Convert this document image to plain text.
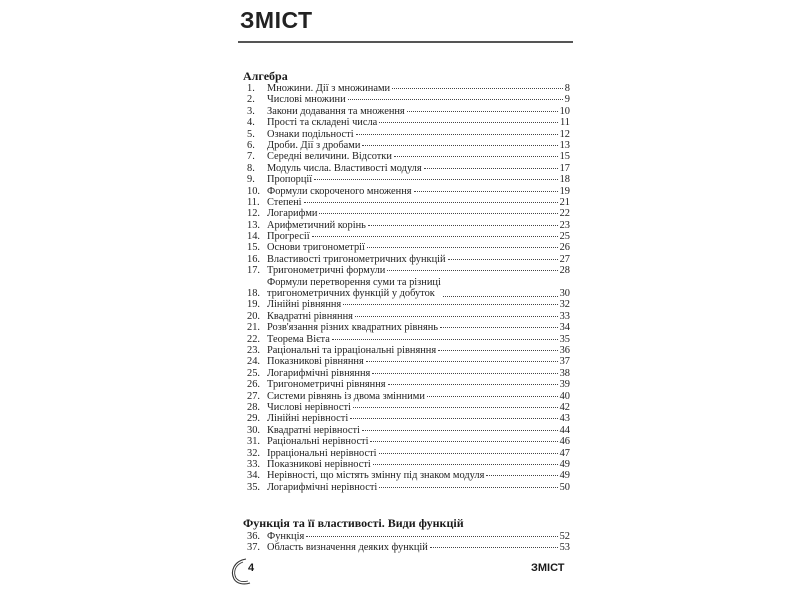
ЗМІСТ
Алгебра
1.	Множини. Дії з множинами	8
2.	Числові множини	9
3.	Закони додавання та множення	10
4.	Прості та складені числа	11
5.	Ознаки подільності	12
6.	Дроби. Дії з дробами	13
7.	Середні величини. Відсотки	15
8.	Модуль числа. Властивості модуля	17
9.	Пропорції	18
10. Формули скороченого множення	19
11. Степені	21
12. Логарифми	22
13. Арифметичний корінь	23
14. Прогресії	25
15. Основи тригонометрії	26
16. Властивості тригонометричних функцій	27
17. Тригонометричні формули	28
18.
Формули перетворення суми та різниці
тригонометричних функцій у добуток	30
19. Лінійні рівняння	32
20. Квадратні рівняння	33
21. Розв'язання різних квадратних рівнянь	34
22. Теорема Вієта	35
23. Раціональні та ірраціональні рівняння	36
24. Показникові рівняння	37
25. Логарифмічні рівняння	38
26. Тригонометричні рівняння	39
27. Системи рівнянь із двома змінними	40
28. Числові нерівності	42
29. Лінійні нерівності	43
30. Квадратні нерівності	44
31. Раціональні нерівності	46
32. Ірраціональні нерівності	47
33. Показникові нерівності	49
34. Нерівності, що містять змінну під знаком модуля	49
35. Логарифмічні нерівності	50
Функція та її властивості. Види функцій
36. Функція	52
37. Область визначення деяких функцій	53
4	ЗМІСТ
